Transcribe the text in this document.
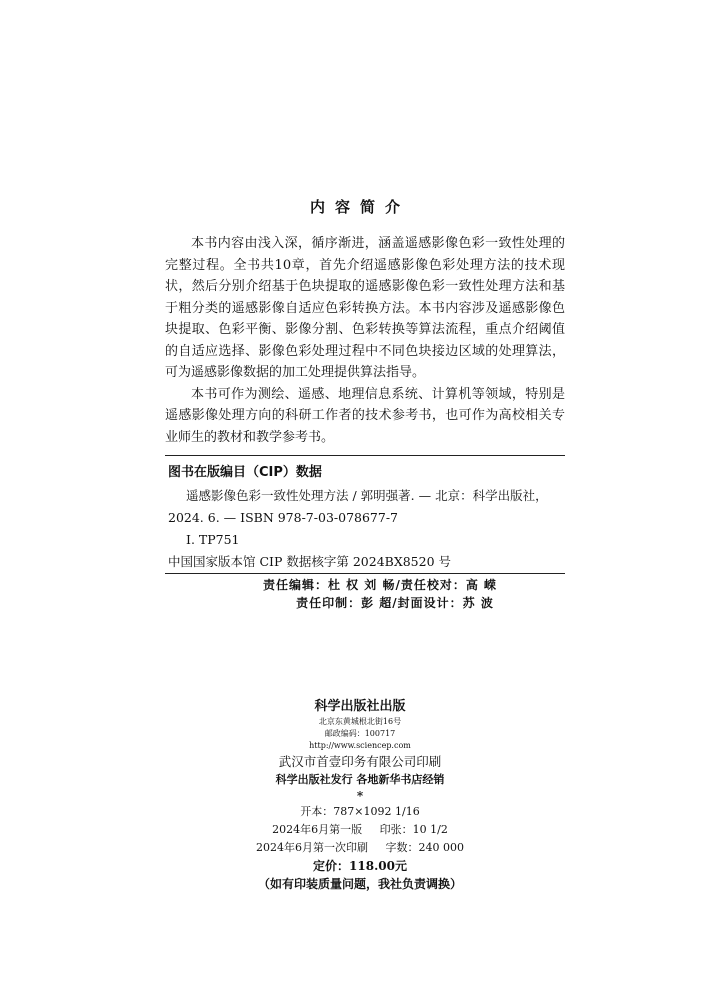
内容简介

本书内容由浅入深，循序渐进，涵盖遥感影像色彩一致性处理的完整过程。全书共10章，首先介绍遥感影像色彩处理方法的技术现状，然后分别介绍基于色块提取的遥感影像色彩一致性处理方法和基于粗分类的遥感影像自适应色彩转换方法。本书内容涉及遥感影像色块提取、色彩平衡、影像分割、色彩转换等算法流程，重点介绍阈值的自适应选择、影像色彩处理过程中不同色块接边区域的处理算法，可为遥感影像数据的加工处理提供算法指导。

本书可作为测绘、遥感、地理信息系统、计算机等领域，特别是遥感影像处理方向的科研工作者的技术参考书，也可作为高校相关专业师生的教材和教学参考书。

图书在版编目（CIP）数据
遥感影像色彩一致性处理方法 / 郭明强著. — 北京：科学出版社，
2024. 6. — ISBN 978-7-03-078677-7
Ⅰ. TP751
中国国家版本馆 CIP 数据核字第 2024BX8520 号
责任编辑：杜 权 刘 畅/责任校对：高 嵘
责任印制：彭 超/封面设计：苏 波
科学出版社出版
北京东黄城根北街16号
邮政编码：100717
http://www.sciencep.com
武汉市首壹印务有限公司印刷
科学出版社发行 各地新华书店经销
*
开本：787×1092 1/16
2024年6月第一版 印张：10 1/2
2024年6月第一次印刷 字数：240 000
定价：118.00元
（如有印装质量问题，我社负责调换）
